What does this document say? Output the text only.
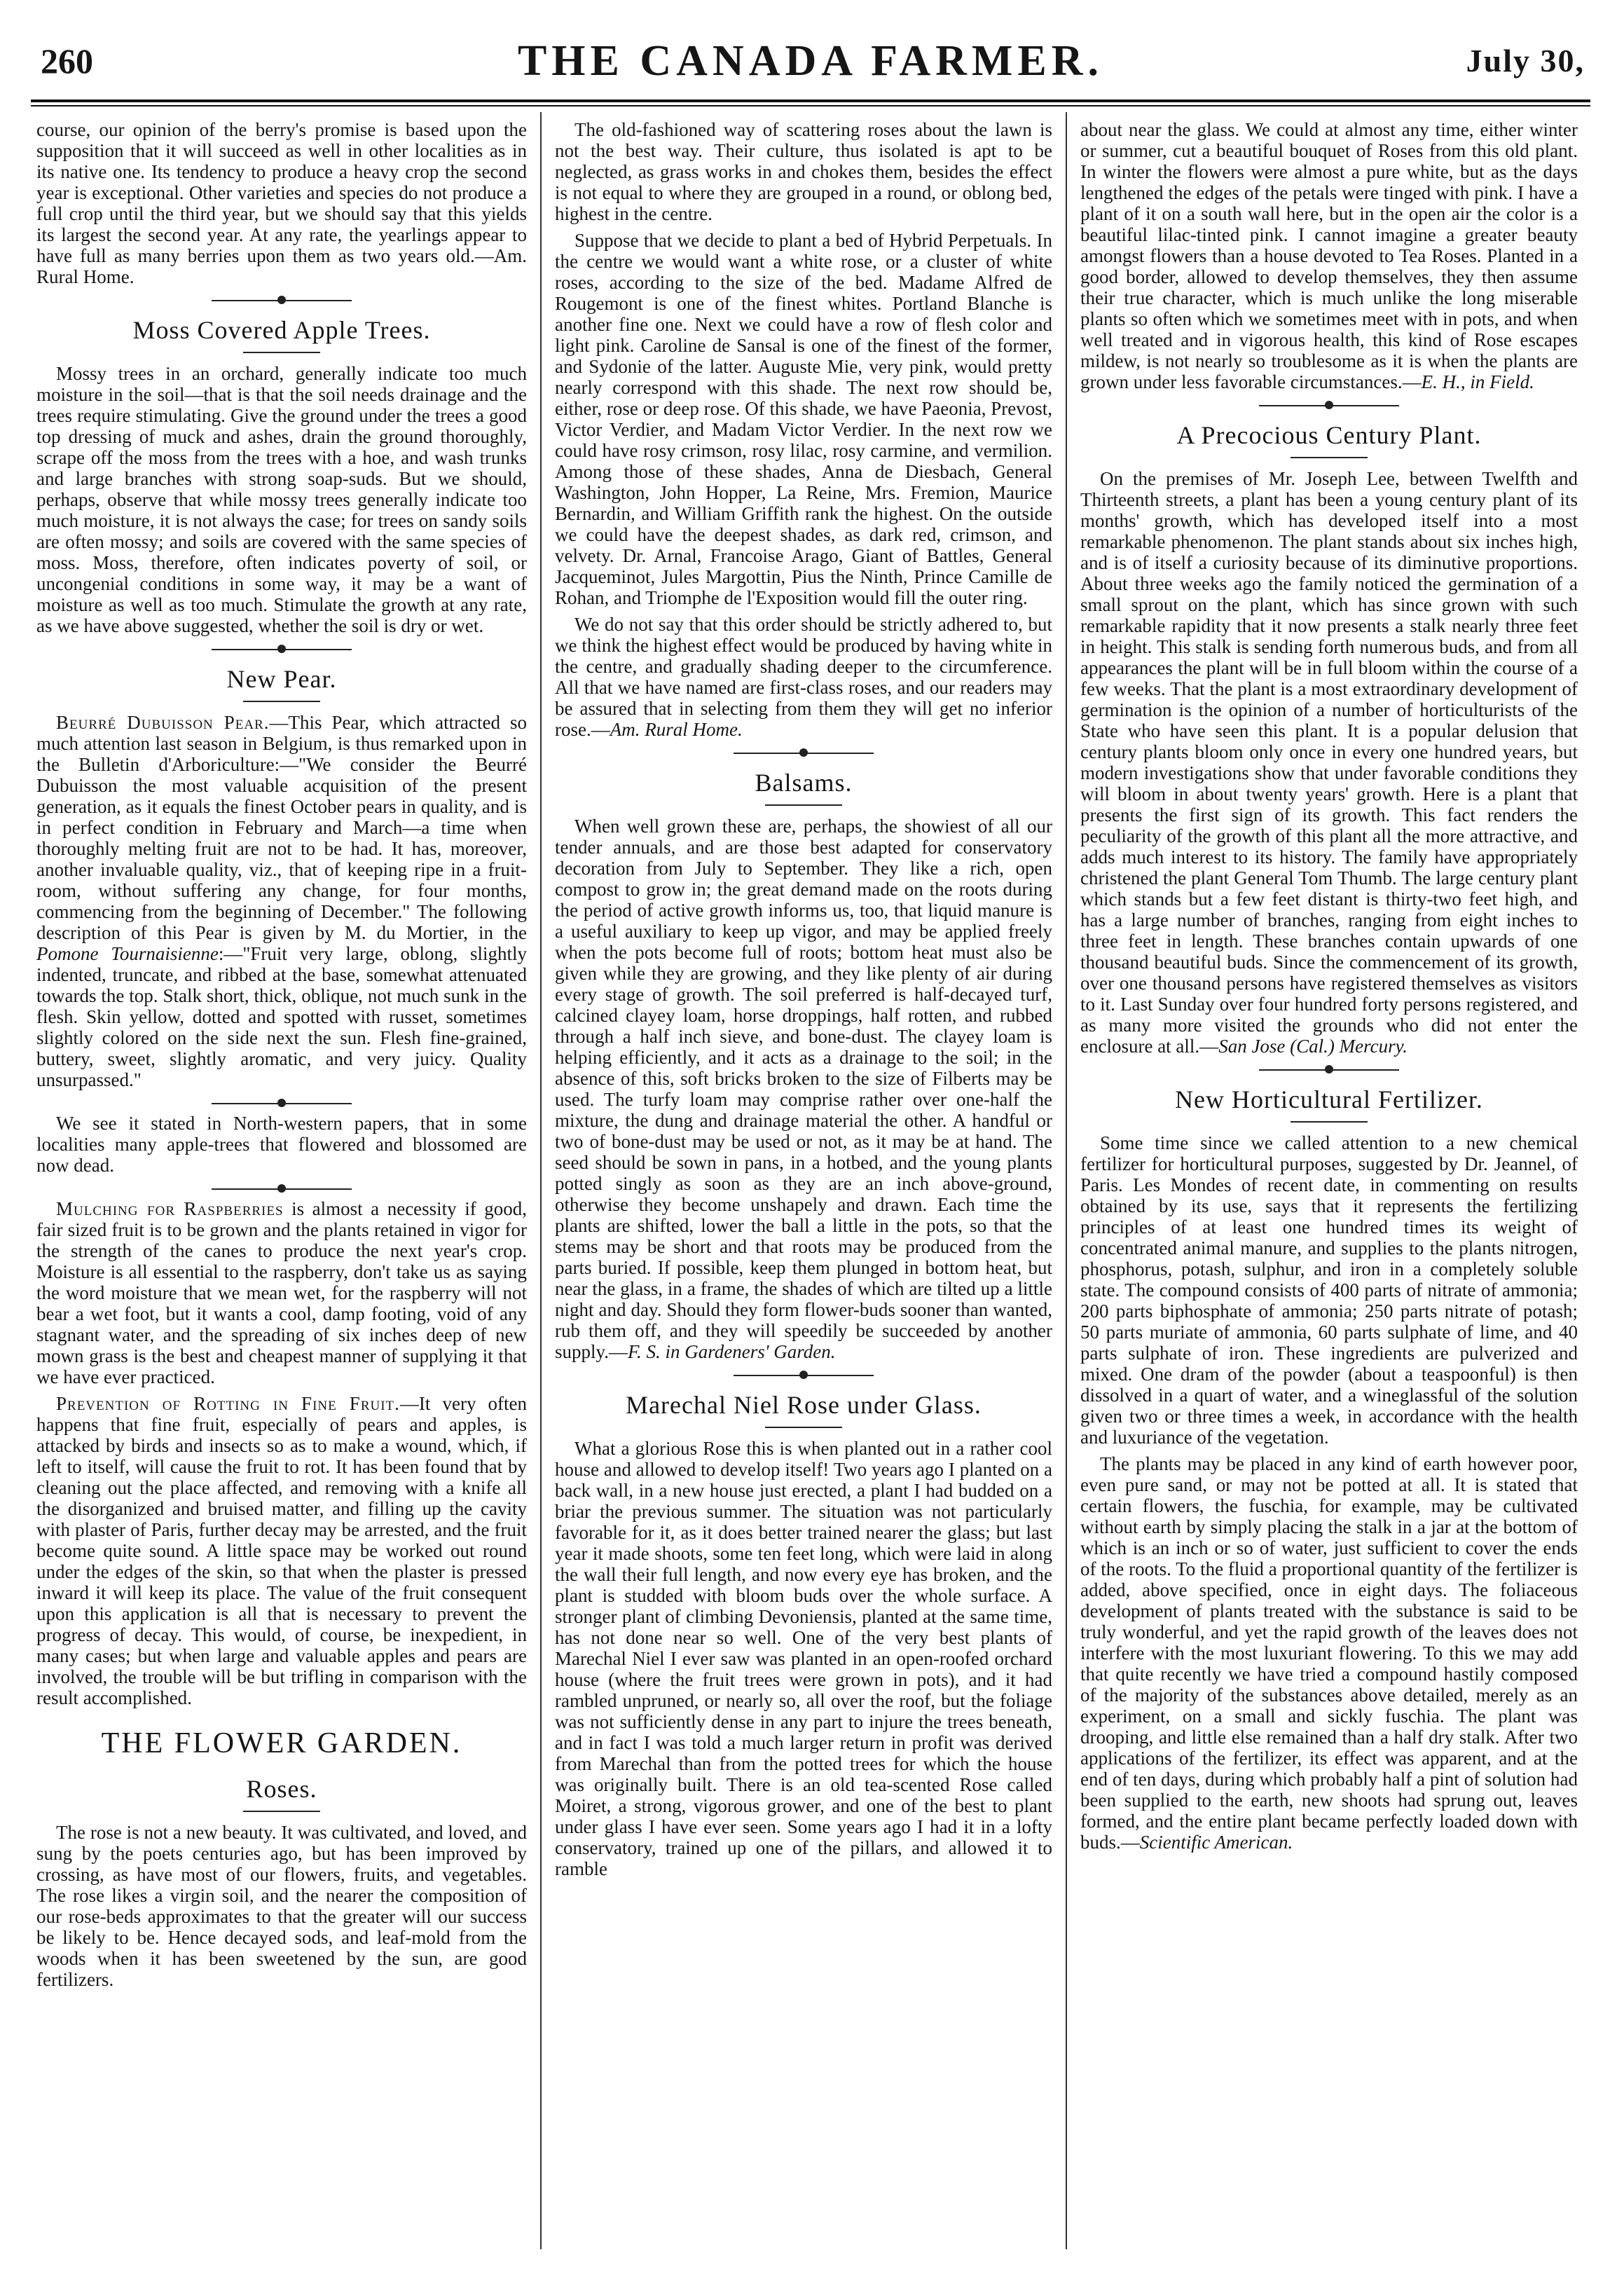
260	THE CANADA FARMER.	July 30,

course, our opinion of the berry's promise is based upon the supposition that it will succeed as well in other localities as in its native one. Its tendency to produce a heavy crop the second year is exceptional. Other varieties and species do not produce a full crop until the third year, but we should say that this yields its largest the second year. At any rate, the yearlings appear to have full as many berries upon them as two years old.—Am. Rural Home.

Moss Covered Apple Trees.

Mossy trees in an orchard, generally indicate too much moisture in the soil—that is that the soil needs drainage and the trees require stimulating. Give the ground under the trees a good top dressing of muck and ashes, drain the ground thoroughly, scrape off the moss from the trees with a hoe, and wash trunks and large branches with strong soap-suds. But we should, perhaps, observe that while mossy trees generally indicate too much moisture, it is not always the case; for trees on sandy soils are often mossy; and soils are covered with the same species of moss. Moss, therefore, often indicates poverty of soil, or uncongenial conditions in some way, it may be a want of moisture as well as too much. Stimulate the growth at any rate, as we have above suggested, whether the soil is dry or wet.

New Pear.

Beurré Dubuisson Pear.—This Pear, which attracted so much attention last season in Belgium, is thus remarked upon in the Bulletin d'Arboriculture:—"We consider the Beurré Dubuisson the most valuable acquisition of the present generation, as it equals the finest October pears in quality, and is in perfect condition in February and March—a time when thoroughly melting fruit are not to be had. It has, moreover, another invaluable quality, viz., that of keeping ripe in a fruit-room, without suffering any change, for four months, commencing from the beginning of December." The following description of this Pear is given by M. du Mortier, in the Pomone Tournaisienne:—"Fruit very large, oblong, slightly indented, truncate, and ribbed at the base, somewhat attenuated towards the top. Stalk short, thick, oblique, not much sunk in the flesh. Skin yellow, dotted and spotted with russet, sometimes slightly colored on the side next the sun. Flesh fine-grained, buttery, sweet, slightly aromatic, and very juicy. Quality unsurpassed."

We see it stated in North-western papers, that in some localities many apple-trees that flowered and blossomed are now dead.

Mulching for Raspberries is almost a necessity if good, fair sized fruit is to be grown and the plants retained in vigor for the strength of the canes to produce the next year's crop. Moisture is all essential to the raspberry, don't take us as saying the word moisture that we mean wet, for the raspberry will not bear a wet foot, but it wants a cool, damp footing, void of any stagnant water, and the spreading of six inches deep of new mown grass is the best and cheapest manner of supplying it that we have ever practiced.

Prevention of Rotting in Fine Fruit.—It very often happens that fine fruit, especially of pears and apples, is attacked by birds and insects so as to make a wound, which, if left to itself, will cause the fruit to rot. It has been found that by cleaning out the place affected, and removing with a knife all the disorganized and bruised matter, and filling up the cavity with plaster of Paris, further decay may be arrested, and the fruit become quite sound. A little space may be worked out round under the edges of the skin, so that when the plaster is pressed inward it will keep its place. The value of the fruit consequent upon this application is all that is necessary to prevent the progress of decay. This would, of course, be inexpedient, in many cases; but when large and valuable apples and pears are involved, the trouble will be but trifling in comparison with the result accomplished.

THE FLOWER GARDEN.
Roses.

The rose is not a new beauty. It was cultivated, and loved, and sung by the poets centuries ago, but has been improved by crossing, as have most of our flowers, fruits, and vegetables. The rose likes a virgin soil, and the nearer the composition of our rose-beds approximates to that the greater will our success be likely to be. Hence decayed sods, and leaf-mold from the woods when it has been sweetened by the sun, are good fertilizers.

The old-fashioned way of scattering roses about the lawn is not the best way. Their culture, thus isolated is apt to be neglected, as grass works in and chokes them, besides the effect is not equal to where they are grouped in a round, or oblong bed, highest in the centre.

Suppose that we decide to plant a bed of Hybrid Perpetuals. In the centre we would want a white rose, or a cluster of white roses, according to the size of the bed. Madame Alfred de Rougemont is one of the finest whites. Portland Blanche is another fine one. Next we could have a row of flesh color and light pink. Caroline de Sansal is one of the finest of the former, and Sydonie of the latter. Auguste Mie, very pink, would pretty nearly correspond with this shade. The next row should be, either, rose or deep rose. Of this shade, we have Paeonia, Prevost, Victor Verdier, and Madam Victor Verdier. In the next row we could have rosy crimson, rosy lilac, rosy carmine, and vermilion. Among those of these shades, Anna de Diesbach, General Washington, John Hopper, La Reine, Mrs. Fremion, Maurice Bernardin, and William Griffith rank the highest. On the outside we could have the deepest shades, as dark red, crimson, and velvety. Dr. Arnal, Francoise Arago, Giant of Battles, General Jacqueminot, Jules Margottin, Pius the Ninth, Prince Camille de Rohan, and Triomphe de l'Exposition would fill the outer ring.

We do not say that this order should be strictly adhered to, but we think the highest effect would be produced by having white in the centre, and gradually shading deeper to the circumference. All that we have named are first-class roses, and our readers may be assured that in selecting from them they will get no inferior rose.—Am. Rural Home.

Balsams.

When well grown these are, perhaps, the showiest of all our tender annuals, and are those best adapted for conservatory decoration from July to September. They like a rich, open compost to grow in; the great demand made on the roots during the period of active growth informs us, too, that liquid manure is a useful auxiliary to keep up vigor, and may be applied freely when the pots become full of roots; bottom heat must also be given while they are growing, and they like plenty of air during every stage of growth. The soil preferred is half-decayed turf, calcined clayey loam, horse droppings, half rotten, and rubbed through a half inch sieve, and bone-dust. The clayey loam is helping efficiently, and it acts as a drainage to the soil; in the absence of this, soft bricks broken to the size of Filberts may be used. The turfy loam may comprise rather over one-half the mixture, the dung and drainage material the other. A handful or two of bone-dust may be used or not, as it may be at hand. The seed should be sown in pans, in a hotbed, and the young plants potted singly as soon as they are an inch above-ground, otherwise they become unshapely and drawn. Each time the plants are shifted, lower the ball a little in the pots, so that the stems may be short and that roots may be produced from the parts buried. If possible, keep them plunged in bottom heat, but near the glass, in a frame, the shades of which are tilted up a little night and day. Should they form flower-buds sooner than wanted, rub them off, and they will speedily be succeeded by another supply.—F. S. in Gardeners' Garden.

Marechal Niel Rose under Glass.

What a glorious Rose this is when planted out in a rather cool house and allowed to develop itself! Two years ago I planted on a back wall, in a new house just erected, a plant I had budded on a briar the previous summer. The situation was not particularly favorable for it, as it does better trained nearer the glass; but last year it made shoots, some ten feet long, which were laid in along the wall their full length, and now every eye has broken, and the plant is studded with bloom buds over the whole surface. A stronger plant of climbing Devoniensis, planted at the same time, has not done near so well. One of the very best plants of Marechal Niel I ever saw was planted in an open-roofed orchard house (where the fruit trees were grown in pots), and it had rambled unpruned, or nearly so, all over the roof, but the foliage was not sufficiently dense in any part to injure the trees beneath, and in fact I was told a much larger return in profit was derived from Marechal than from the potted trees for which the house was originally built. There is an old tea-scented Rose called Moiret, a strong, vigorous grower, and one of the best to plant under glass I have ever seen. Some years ago I had it in a lofty conservatory, trained up one of the pillars, and allowed it to ramble

about near the glass. We could at almost any time, either winter or summer, cut a beautiful bouquet of Roses from this old plant. In winter the flowers were almost a pure white, but as the days lengthened the edges of the petals were tinged with pink. I have a plant of it on a south wall here, but in the open air the color is a beautiful lilac-tinted pink. I cannot imagine a greater beauty amongst flowers than a house devoted to Tea Roses. Planted in a good border, allowed to develop themselves, they then assume their true character, which is much unlike the long miserable plants so often which we sometimes meet with in pots, and when well treated and in vigorous health, this kind of Rose escapes mildew, is not nearly so troublesome as it is when the plants are grown under less favorable circumstances.—E. H., in Field.

A Precocious Century Plant.

On the premises of Mr. Joseph Lee, between Twelfth and Thirteenth streets, a plant has been a young century plant of its months' growth, which has developed itself into a most remarkable phenomenon. The plant stands about six inches high, and is of itself a curiosity because of its diminutive proportions. About three weeks ago the family noticed the germination of a small sprout on the plant, which has since grown with such remarkable rapidity that it now presents a stalk nearly three feet in height. This stalk is sending forth numerous buds, and from all appearances the plant will be in full bloom within the course of a few weeks. That the plant is a most extraordinary development of germination is the opinion of a number of horticulturists of the State who have seen this plant. It is a popular delusion that century plants bloom only once in every one hundred years, but modern investigations show that under favorable conditions they will bloom in about twenty years' growth. Here is a plant that presents the first sign of its growth. This fact renders the peculiarity of the growth of this plant all the more attractive, and adds much interest to its history. The family have appropriately christened the plant General Tom Thumb. The large century plant which stands but a few feet distant is thirty-two feet high, and has a large number of branches, ranging from eight inches to three feet in length. These branches contain upwards of one thousand beautiful buds. Since the commencement of its growth, over one thousand persons have registered themselves as visitors to it. Last Sunday over four hundred forty persons registered, and as many more visited the grounds who did not enter the enclosure at all.—San Jose (Cal.) Mercury.

New Horticultural Fertilizer.

Some time since we called attention to a new chemical fertilizer for horticultural purposes, suggested by Dr. Jeannel, of Paris. Les Mondes of recent date, in commenting on results obtained by its use, says that it represents the fertilizing principles of at least one hundred times its weight of concentrated animal manure, and supplies to the plants nitrogen, phosphorus, potash, sulphur, and iron in a completely soluble state. The compound consists of 400 parts of nitrate of ammonia; 200 parts biphosphate of ammonia; 250 parts nitrate of potash; 50 parts muriate of ammonia, 60 parts sulphate of lime, and 40 parts sulphate of iron. These ingredients are pulverized and mixed. One dram of the powder (about a teaspoonful) is then dissolved in a quart of water, and a wineglassful of the solution given two or three times a week, in accordance with the health and luxuriance of the vegetation.

The plants may be placed in any kind of earth however poor, even pure sand, or may not be potted at all. It is stated that certain flowers, the fuschia, for example, may be cultivated without earth by simply placing the stalk in a jar at the bottom of which is an inch or so of water, just sufficient to cover the ends of the roots. To the fluid a proportional quantity of the fertilizer is added, above specified, once in eight days. The foliaceous development of plants treated with the substance is said to be truly wonderful, and yet the rapid growth of the leaves does not interfere with the most luxuriant flowering. To this we may add that quite recently we have tried a compound hastily composed of the majority of the substances above detailed, merely as an experiment, on a small and sickly fuschia. The plant was drooping, and little else remained than a half dry stalk. After two applications of the fertilizer, its effect was apparent, and at the end of ten days, during which probably half a pint of solution had been supplied to the earth, new shoots had sprung out, leaves formed, and the entire plant became perfectly loaded down with buds.—Scientific American.
